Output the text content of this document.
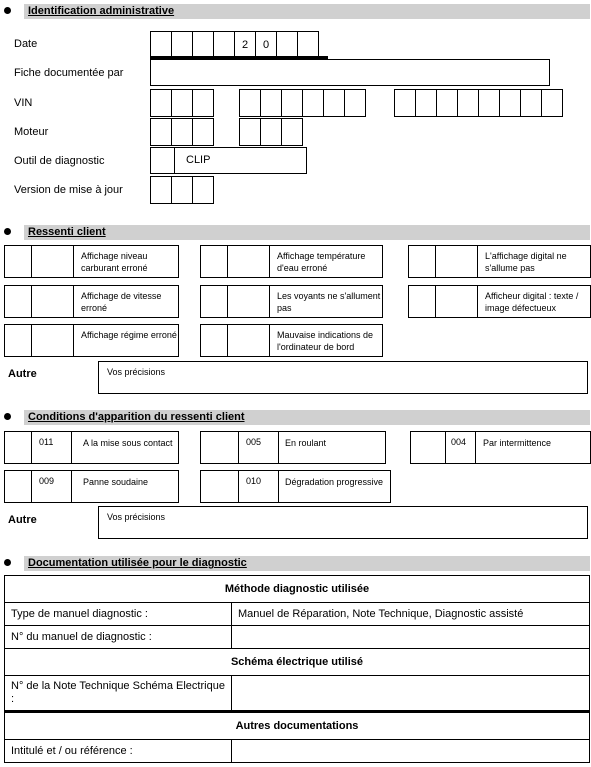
Identification administrative
Date	2	0
Fiche documentée par
VIN
Moteur
Outil de diagnostic	CLIP
Version de mise à jour
Ressenti client
Affichage niveau carburant erroné
Affichage température d'eau erroné
L'affichage digital ne s'allume pas
Affichage de vitesse erroné
Les voyants ne s'allument pas
Afficheur digital : texte / image défectueux
Affichage régime erroné	Mauvaise indications de l'ordinateur de bord
Autre	Vos précisions
Conditions d'apparition du ressenti client
011	A la mise sous contact	005	En roulant	004 Par intermittence
009	Panne soudaine	010	Dégradation progressive
Autre	Vos précisions
Documentation utilisée pour le diagnostic
Méthode diagnostic utilisée	
Type de manuel diagnostic :	Manuel de Réparation, Note Technique, Diagnostic assisté
N° du manuel de diagnostic :	
Schéma électrique utilisé	
N° de la Note Technique Schéma Electrique :	
Autres documentations	
Intitulé et / ou référence :	
